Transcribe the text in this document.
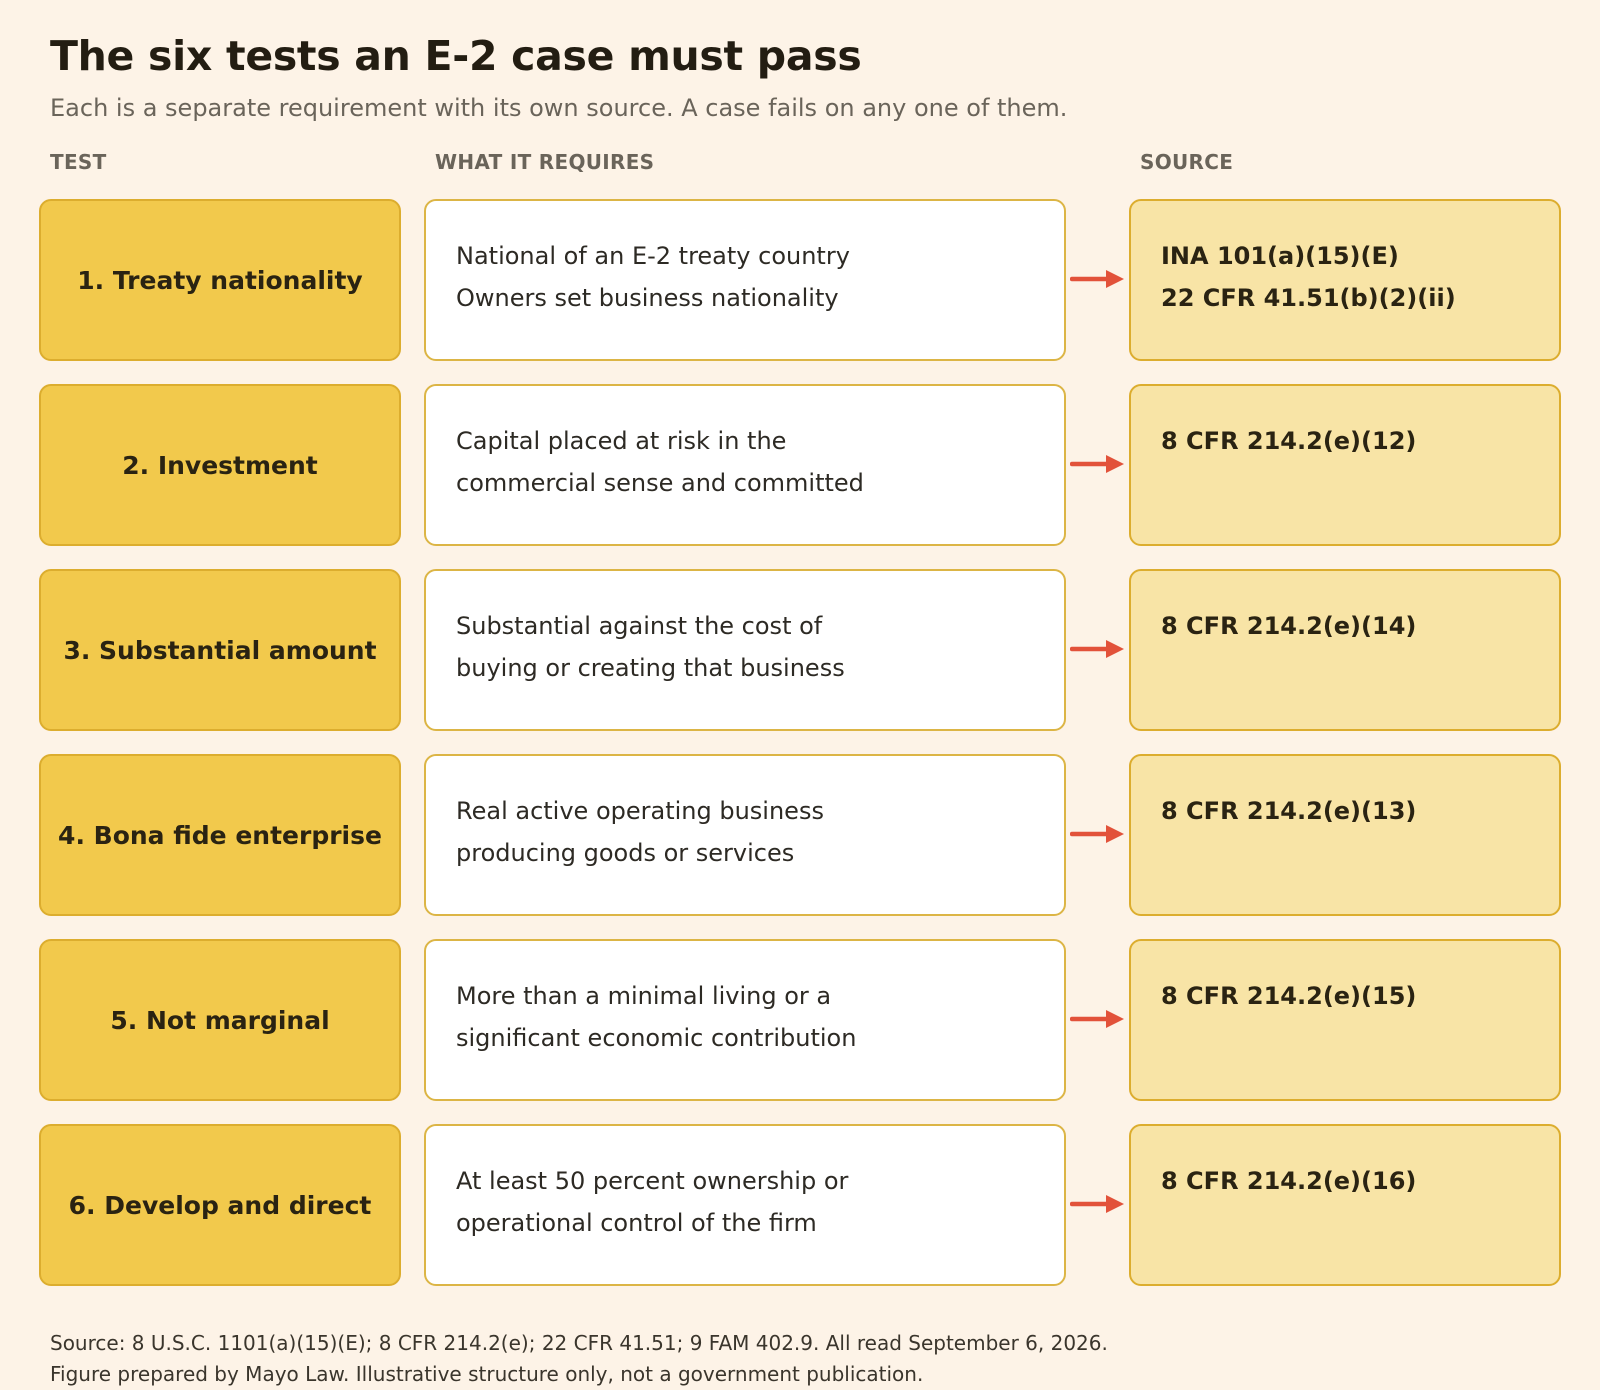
The six tests an E-2 case must pass
Each is a separate requirement with its own source. A case fails on any one of them.
TEST	WHAT IT REQUIRES	SOURCE
1. Treaty nationality
National of an E-2 treaty country
Owners set business nationality
INA 101(a)(15)(E)
22 CFR 41.51(b)(2)(ii)
2. Investment
Capital placed at risk in the
commercial sense and committed
8 CFR 214.2(e)(12)
3. Substantial amount
Substantial against the cost of
buying or creating that business
8 CFR 214.2(e)(14)
4. Bona fide enterprise
Real active operating business
producing goods or services
8 CFR 214.2(e)(13)
5. Not marginal
More than a minimal living or a
significant economic contribution
8 CFR 214.2(e)(15)
6. Develop and direct
At least 50 percent ownership or
operational control of the firm
8 CFR 214.2(e)(16)
Source: 8 U.S.C. 1101(a)(15)(E); 8 CFR 214.2(e); 22 CFR 41.51; 9 FAM 402.9. All read September 6, 2026.
Figure prepared by Mayo Law. Illustrative structure only, not a government publication.
